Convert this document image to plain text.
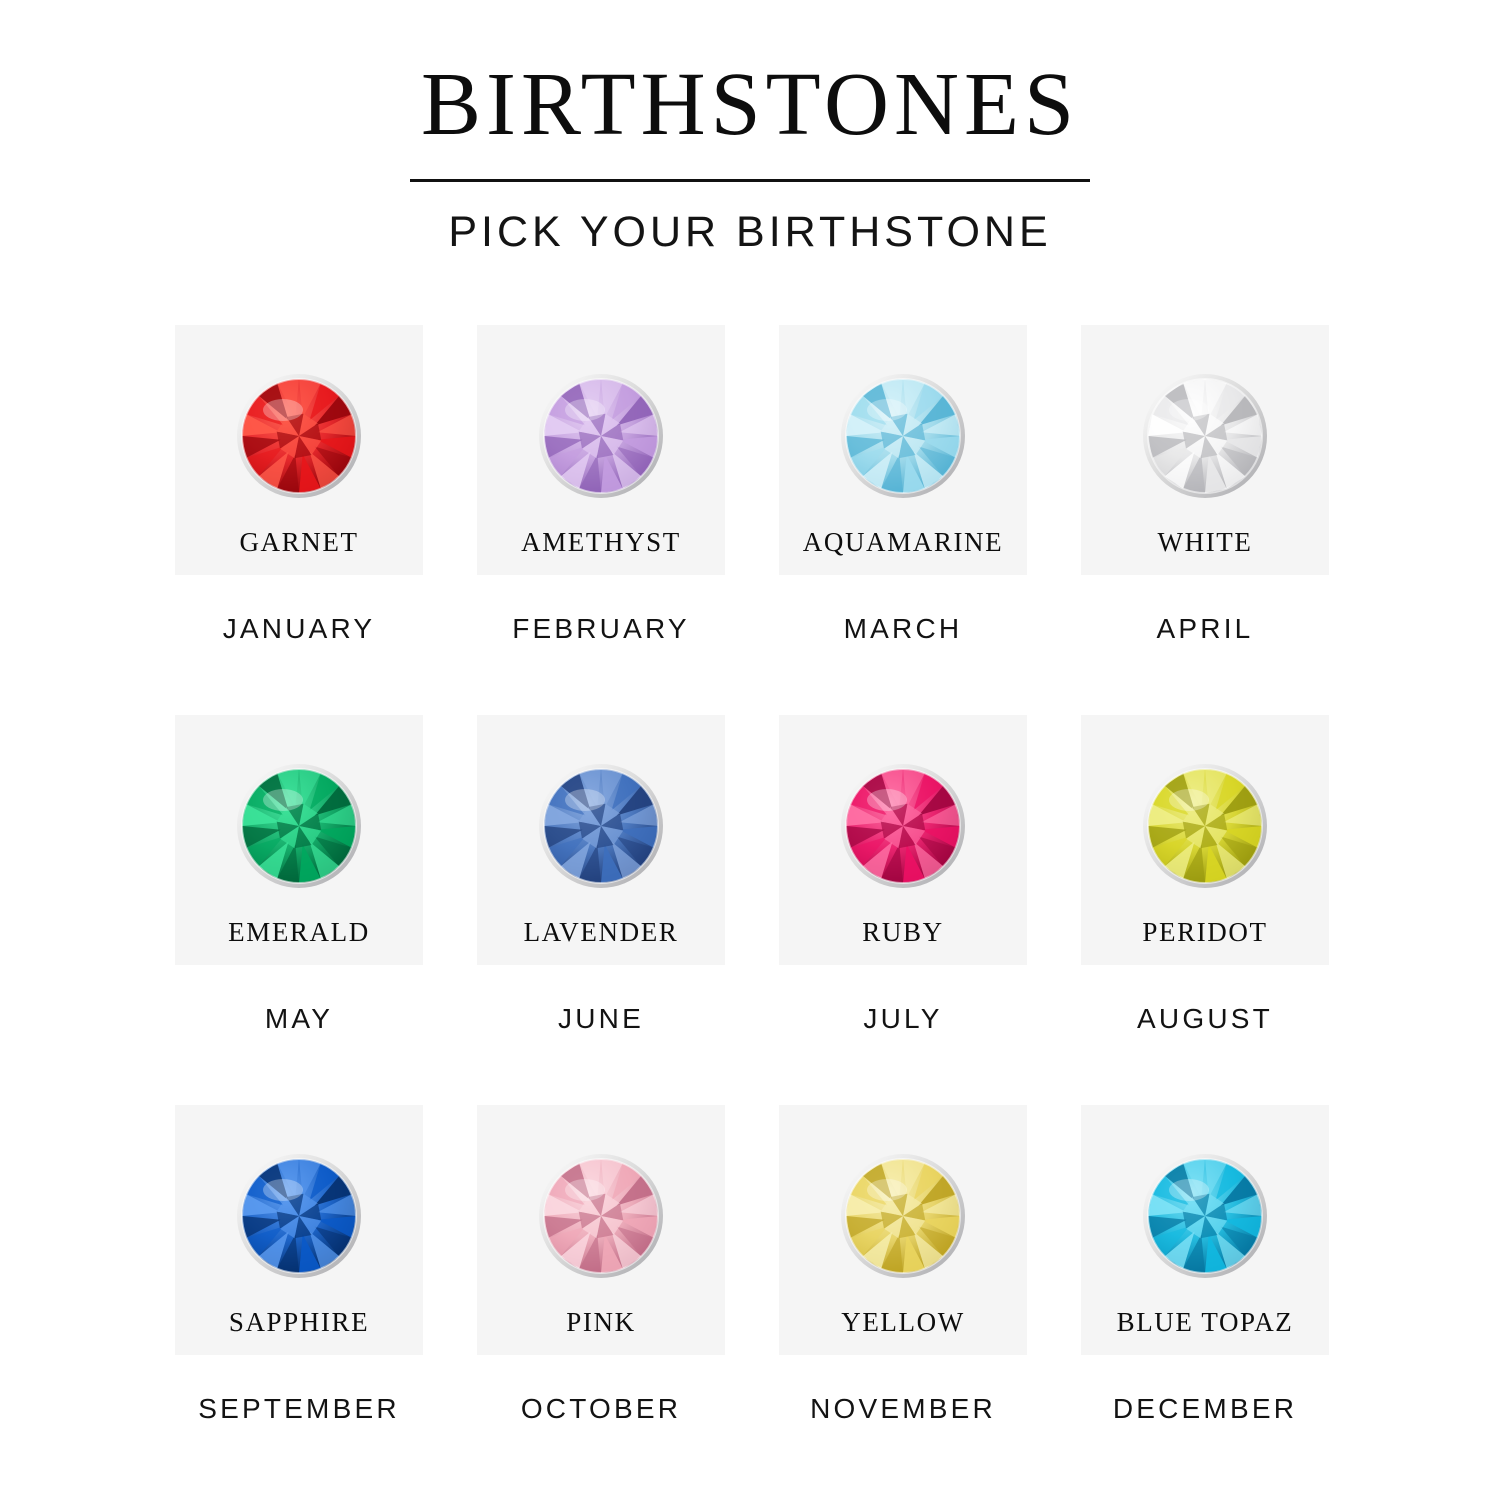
BIRTHSTONES

PICK YOUR BIRTHSTONE

GARNET
JANUARY
AMETHYST
FEBRUARY
AQUAMARINE
MARCH
WHITE
APRIL
EMERALD
MAY
LAVENDER
JUNE
RUBY
JULY
PERIDOT
AUGUST
SAPPHIRE
SEPTEMBER
PINK
OCTOBER
YELLOW
NOVEMBER
BLUE TOPAZ
DECEMBER
